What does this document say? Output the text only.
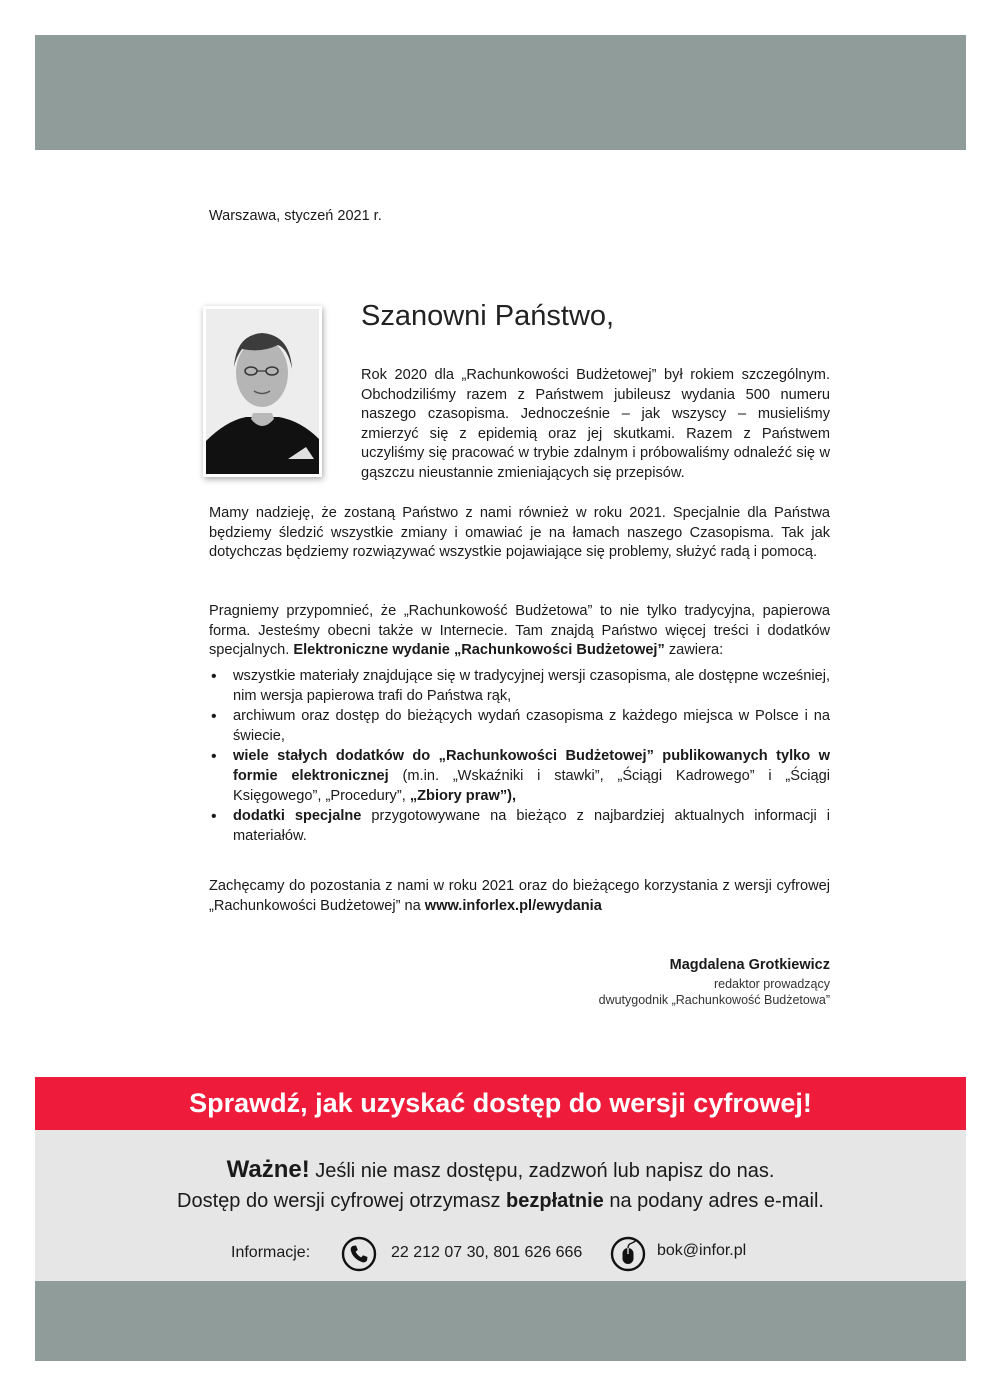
Warszawa, styczeń 2021 r.
Szanowni Państwo,

Rok 2020 dla „Rachunkowości Budżetowej” był rokiem szczególnym. Obchodziliśmy razem z Państwem jubileusz wydania 500 numeru naszego czasopisma. Jednocześnie – jak wszyscy – musieliśmy zmierzyć się z epidemią oraz jej skutkami. Razem z Państwem uczyliśmy się pracować w trybie zdalnym i próbowaliśmy odnaleźć się w gąszczu nieustannie zmieniających się przepisów.

Mamy nadzieję, że zostaną Państwo z nami również w roku 2021. Specjalnie dla Państwa będziemy śledzić wszystkie zmiany i omawiać je na łamach naszego Czasopisma. Tak jak dotychczas będziemy rozwiązywać wszystkie pojawiające się problemy, służyć radą i pomocą.

Pragniemy przypomnieć, że „Rachunkowość Budżetowa” to nie tylko tradycyjna, papierowa forma. Jesteśmy obecni także w Internecie. Tam znajdą Państwo więcej treści i dodatków specjalnych. Elektroniczne wydanie „Rachunkowości Budżetowej” zawiera:

• wszystkie materiały znajdujące się w tradycyjnej wersji czasopisma, ale dostępne wcześniej, nim wersja papierowa trafi do Państwa rąk,
• archiwum oraz dostęp do bieżących wydań czasopisma z każdego miejsca w Polsce i na świecie,
• wiele stałych dodatków do „Rachunkowości Budżetowej” publikowanych tylko w formie elektronicznej (m.in. „Wskaźniki i stawki”, „Ściągi Kadrowego” i „Ściągi Księgowego”, „Procedury”, „Zbiory praw”),
• dodatki specjalne przygotowywane na bieżąco z najbardziej aktualnych informacji i materiałów.

Zachęcamy do pozostania z nami w roku 2021 oraz do bieżącego korzystania z wersji cyfrowej „Rachunkowości Budżetowej” na www.inforlex.pl/ewydania

Magdalena Grotkiewicz

redaktor prowadzący

dwutygodnik „Rachunkowość Budżetowa”

Sprawdź, jak uzyskać dostęp do wersji cyfrowej!
Ważne! Jeśli nie masz dostępu, zadzwoń lub napisz do nas.
Dostęp do wersji cyfrowej otrzymasz bezpłatnie na podany adres e-mail.
Informacje:	22 212 07 30, 801 626 666	bok@infor.pl
